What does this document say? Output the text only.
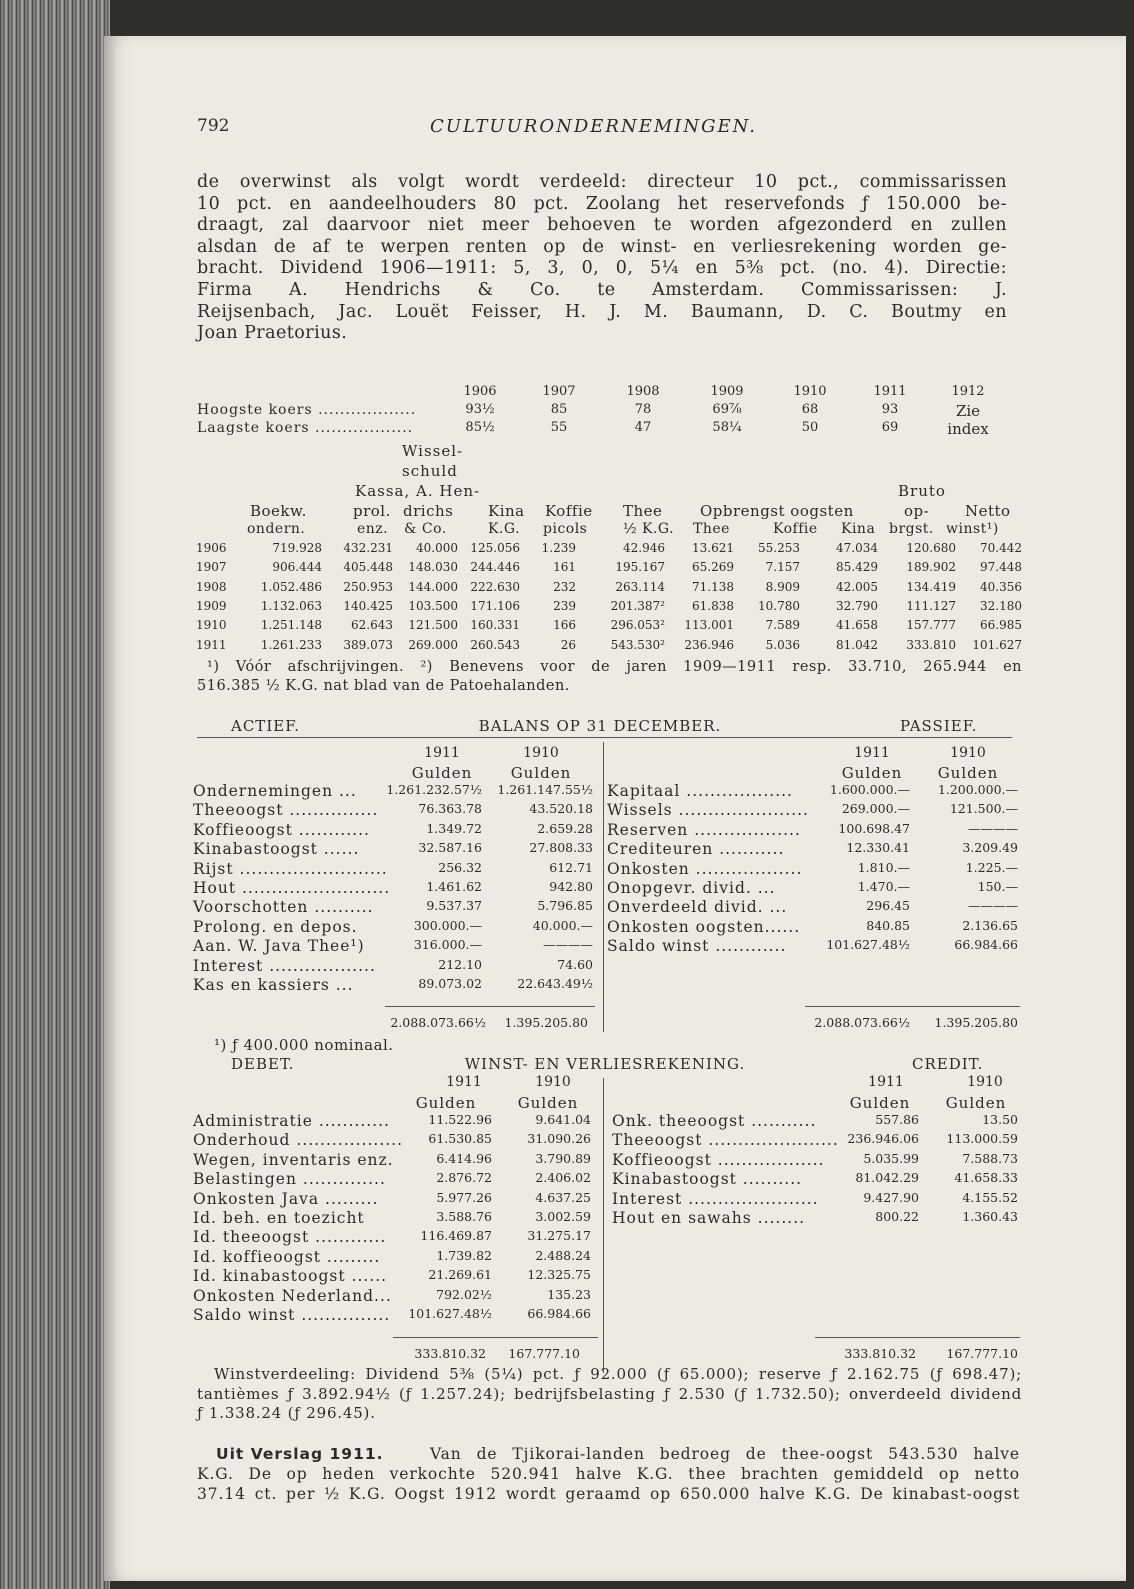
792	CULTUURONDERNEMINGEN.
de overwinst als volgt wordt verdeeld: directeur 10 pct., commissarissen
10 pct. en aandeelhouders 80 pct. Zoolang het reservefonds ƒ 150.000 be-
draagt, zal daarvoor niet meer behoeven te worden afgezonderd en zullen
alsdan de af te werpen renten op de winst- en verliesrekening worden ge-
bracht. Dividend 1906—1911: 5, 3, 0, 0, 5¼ en 5⅜ pct. (no. 4). Directie:
Firma A. Hendrichs & Co. te Amsterdam. Commissarissen: J.
Reijsenbach, Jac. Louët Feisser, H. J. M. Baumann, D. C. Boutmy en
Joan Praetorius.
1906	1907	1908	1909	1910	1911	1912
Hoogste koers ..................	93½	85	78	69⅞	68	93	Zie
Laagste koers ..................	85½	55	47	58¼	50	69	index
Wissel-
schuld
Kassa, A. Hen-	Bruto
Boekw.	prol. drichs Kina Koffie Thee	Opbrengst oogsten	op- Netto
ondern.	enz. & Co.	K.G. picols	½ K.G. Thee	Koffie Kina brgst. winst¹)
1906	719.928 432.231 40.000 125.056 1.239	42.946 13.621 55.253	47.034 120.680 70.442
1907	906.444 405.448 148.030 244.446	161	195.167 65.269	7.157	85.429 189.902 97.448
1908	1.052.486 250.953 144.000 222.630	232	263.114 71.138	8.909	42.005 134.419 40.356
1909	1.132.063 140.425 103.500 171.106	239	201.387² 61.838 10.780	32.790 111.127 32.180
1910	1.251.148 62.643 121.500 160.331	166	296.053² 113.001	7.589	41.658 157.777 66.985
1911	1.261.233 389.073 269.000 260.543	26	543.530² 236.946	5.036	81.042 333.810 101.627
¹) Vóór afschrijvingen. ²) Benevens voor de jaren 1909—1911 resp. 33.710, 265.944 en
516.385 ½ K.G. nat blad van de Patoehalanden.
ACTIEF.	BALANS OP 31 DECEMBER.	PASSIEF.
1911	1910
Gulden	Gulden
1911	1910
Gulden	Gulden
Ondernemingen ... 1.261.232.57½ 1.261.147.55½
Theeoogst ...............	76.363.78	43.520.18
Koffieoogst ............	1.349.72	2.659.28
Kinabastoogst ......	32.587.16	27.808.33
Rijst .........................	256.32	612.71
Hout .........................	1.461.62	942.80
Voorschotten ..........	9.537.37	5.796.85
Prolong. en depos.	300.000.—	40.000.—
Aan. W. Java Thee¹)	316.000.—	————
Interest ..................	212.10	74.60
Kas en kassiers ...	89.073.02	22.643.49½
Kapitaal ..................	1.600.000.— 1.200.000.—
Wissels ......................	269.000.—	121.500.—
Reserven ..................	100.698.47	————
Crediteuren ...........	12.330.41	3.209.49
Onkosten ..................	1.810.—	1.225.—
Onopgevr. divid. ...	1.470.—	150.—
Onverdeeld divid. ...	296.45	————
Onkosten oogsten......	840.85	2.136.65
Saldo winst ............	101.627.48½	66.984.66
2.088.073.66½ 1.395.205.80	2.088.073.66½ 1.395.205.80
¹) ƒ 400.000 nominaal.
DEBET.	WINST- EN VERLIESREKENING.	CREDIT.
1911	1910
Gulden	Gulden
1911	1910
Gulden	Gulden
Administratie ............	11.522.96	9.641.04
Onderhoud .................. 61.530.85	31.090.26
Wegen, inventaris enz.	6.414.96	3.790.89
Belastingen ..............	2.876.72	2.406.02
Onkosten Java .........	5.977.26	4.637.25
Id. beh. en toezicht	3.588.76	3.002.59
Id. theeoogst ............	116.469.87	31.275.17
Id. koffieoogst .........	1.739.82	2.488.24
Id. kinabastoogst ......	21.269.61	12.325.75
Onkosten Nederland...	792.02½	135.23
Saldo winst ............... 101.627.48½	66.984.66
Onk. theeoogst ...........	557.86	13.50
Theeoogst ...................... 236.946.06 113.000.59
Koffieoogst ..................	5.035.99	7.588.73
Kinabastoogst ..........	81.042.29	41.658.33
Interest ......................	9.427.90	4.155.52
Hout en sawahs ........	800.22	1.360.43
333.810.32 167.777.10	333.810.32 167.777.10
Winstverdeeling: Dividend 5⅜ (5¼) pct. ƒ 92.000 (ƒ 65.000); reserve ƒ 2.162.75 (ƒ 698.47);
tantièmes ƒ 3.892.94½ (ƒ 1.257.24); bedrijfsbelasting ƒ 2.530 (ƒ 1.732.50); onverdeeld dividend
ƒ 1.338.24 (ƒ 296.45).
Uit Verslag 1911.	Van de Tjikorai-landen bedroeg de thee-oogst 543.530 halve
K.G. De op heden verkochte 520.941 halve K.G. thee brachten gemiddeld op netto
37.14 ct. per ½ K.G. Oogst 1912 wordt geraamd op 650.000 halve K.G. De kinabast-oogst
